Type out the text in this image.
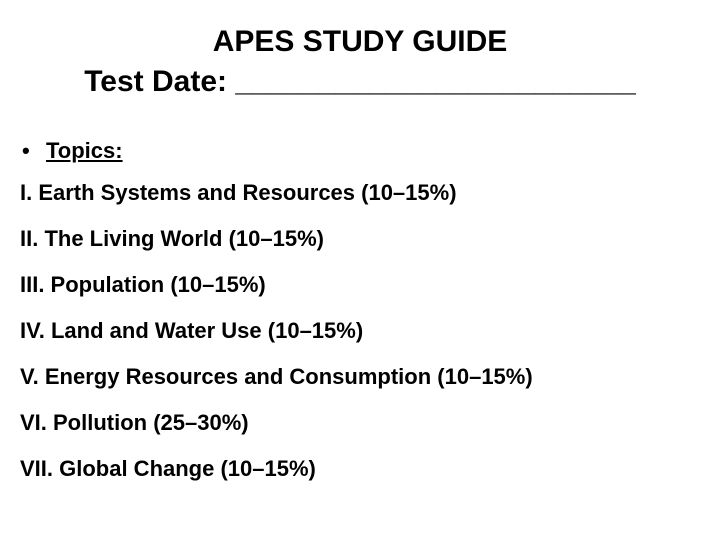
APES STUDY GUIDE
Test Date: ________________________
• Topics:
I. Earth Systems and Resources (10–15%)
II. The Living World (10–15%)
III. Population (10–15%)
IV. Land and Water Use (10–15%)
V. Energy Resources and Consumption (10–15%)
VI. Pollution (25–30%)
VII. Global Change (10–15%)
